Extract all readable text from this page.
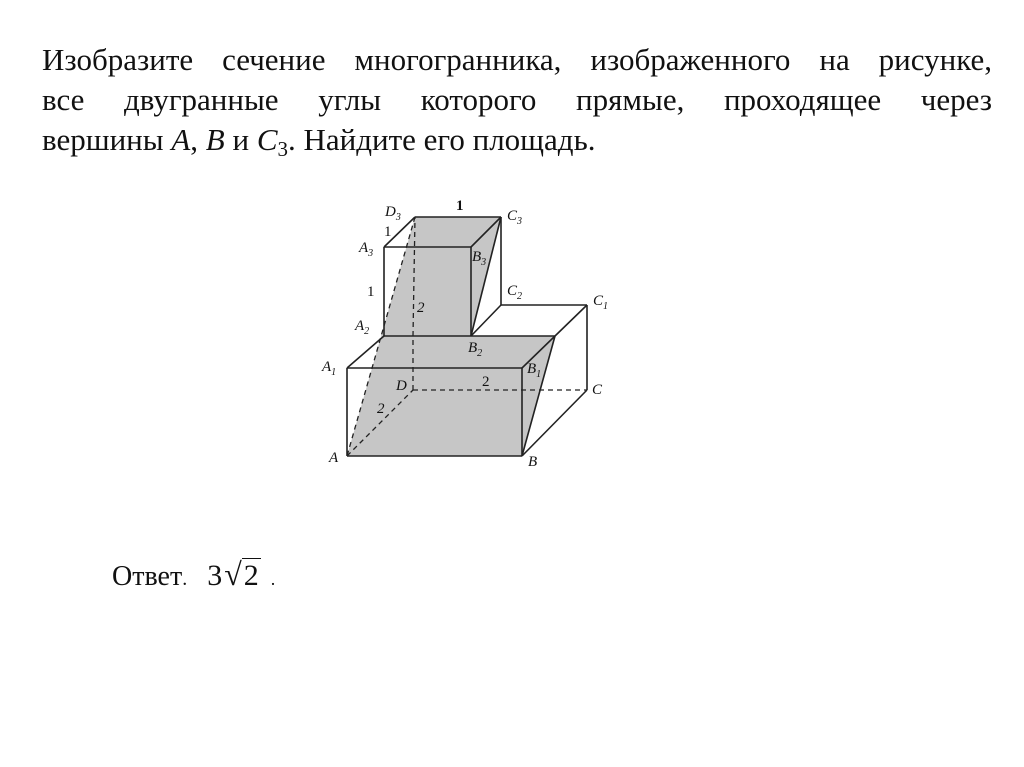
Изобразите сечение многогранника, изображенного на рисунке,
все двугранные углы которого прямые, проходящее через
вершины A, B и $C_3$. Найдите его площадь.
$D_3$	$C_3$
$A_3$	$B_3$
$C_2$	$C_1$
$A_2$
$B_2$
$A_1$	$B_1$
D	C
A	B
1
1
1
2
2
2
Ответ . 3√2 .
